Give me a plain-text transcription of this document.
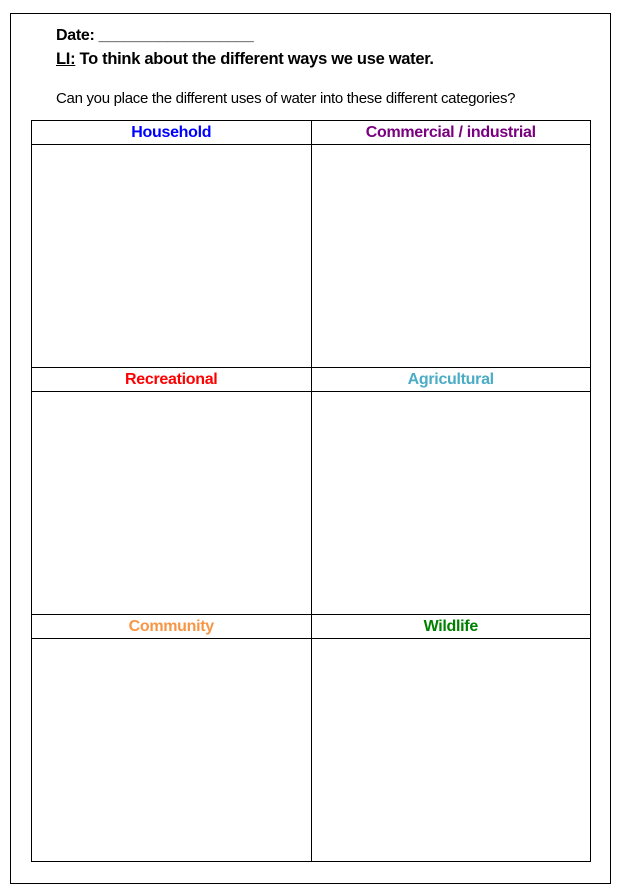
Date: __________________
LI: To think about the different ways we use water.
Can you place the different uses of water into these different categories?
Household	Commercial / industrial

Recreational	Agricultural

Community	Wildlife
